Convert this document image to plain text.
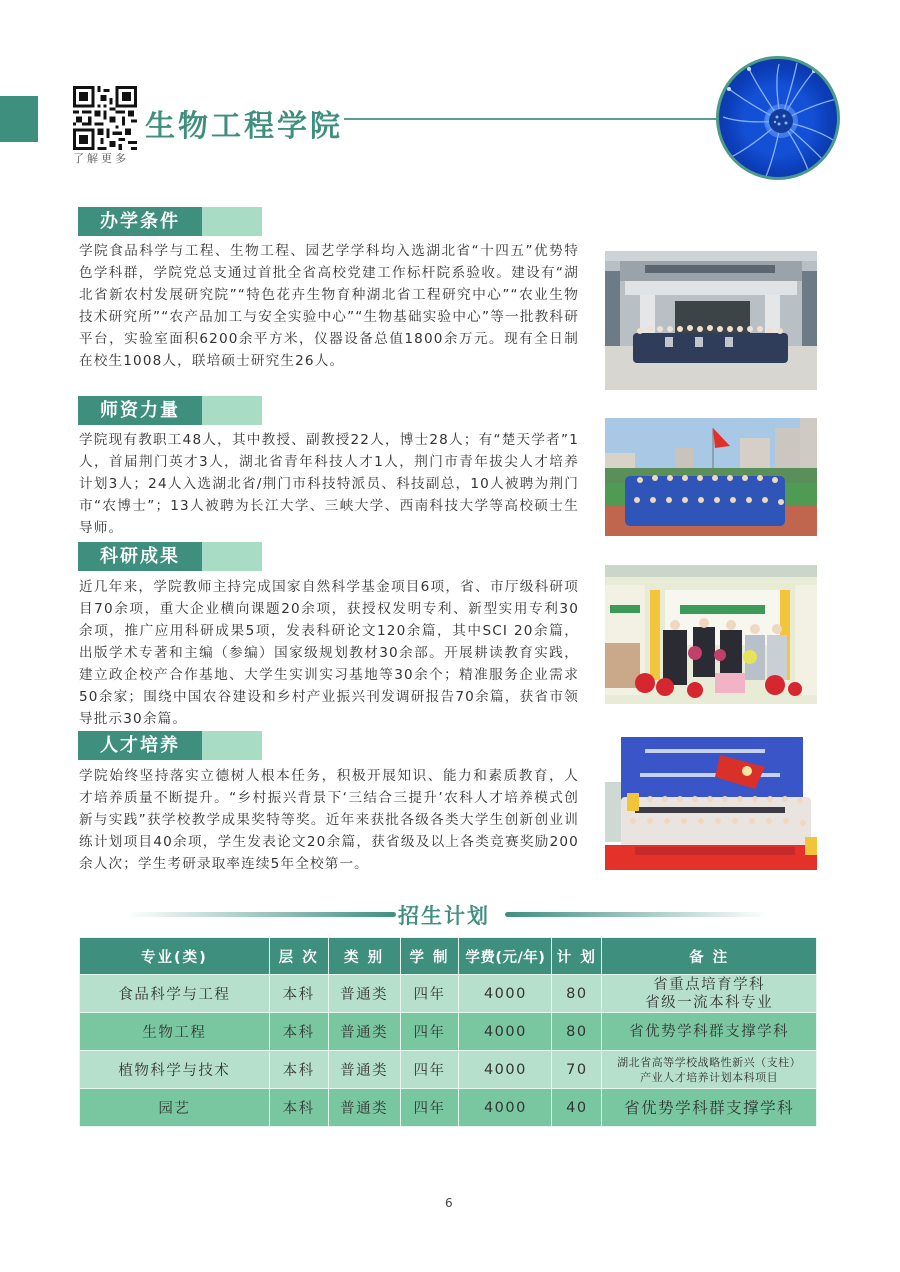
了解更多
生物工程学院
办学条件
学院食品科学与工程、生物工程、园艺学学科均入选湖北省“十四五”优势特色学科群，学院党总支通过首批全省高校党建工作标杆院系验收。建设有“湖北省新农村发展研究院”“特色花卉生物育种湖北省工程研究中心”“农业生物技术研究所”“农产品加工与安全实验中心”“生物基础实验中心”等一批教科研平台，实验室面积6200余平方米，仪器设备总值1800余万元。现有全日制在校生1008人，联培硕士研究生26人。
师资力量
学院现有教职工48人，其中教授、副教授22人，博士28人；有“楚天学者”1人，首届荆门英才3人，湖北省青年科技人才1人，荆门市青年拔尖人才培养计划3人；24人入选湖北省/荆门市科技特派员、科技副总，10人被聘为荆门市“农博士”；13人被聘为长江大学、三峡大学、西南科技大学等高校硕士生导师。
科研成果
近几年来，学院教师主持完成国家自然科学基金项目6项，省、市厅级科研项目70余项，重大企业横向课题20余项，获授权发明专利、新型实用专利30余项，推广应用科研成果5项，发表科研论文120余篇，其中SCI 20余篇，出版学术专著和主编（参编）国家级规划教材30余部。开展耕读教育实践，建立政企校产合作基地、大学生实训实习基地等30余个；精准服务企业需求50余家；围绕中国农谷建设和乡村产业振兴刊发调研报告70余篇，获省市领导批示30余篇。
人才培养
学院始终坚持落实立德树人根本任务，积极开展知识、能力和素质教育，人才培养质量不断提升。“乡村振兴背景下‘三结合三提升’农科人才培养模式创新与实践”获学校教学成果奖特等奖。近年来获批各级各类大学生创新创业训练计划项目40余项，学生发表论文20余篇，获省级及以上各类竞赛奖励200余人次；学生考研录取率连续5年全校第一。
招生计划
专业(类)	层 次	类 别	学 制	学费(元/年)	计 划	备 注
食品科学与工程	本科	普通类	四年	4000	80	省重点培育学科
省级一流本科专业

生物工程	本科	普通类	四年	4000	80	省优势学科群支撑学科

植物科学与技术	本科	普通类	四年	4000	70	湖北省高等学校战略性新兴（支柱）
产业人才培养计划本科项目

园艺	本科	普通类	四年	4000	40	省优势学科群支撑学科
6
